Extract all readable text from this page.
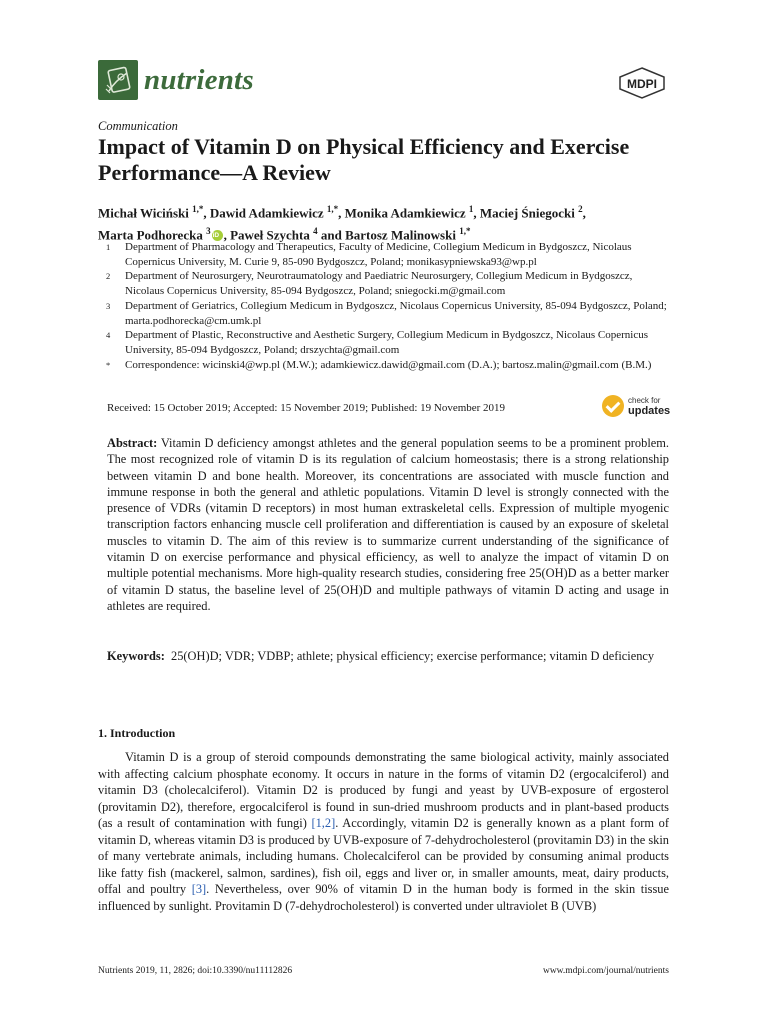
nutrients	MDPI
Communication
Impact of Vitamin D on Physical Efficiency and Exercise Performance—A Review
Michał Wiciński $^{1,*}$, Dawid Adamkiewicz $^{1,*}$, Monika Adamkiewicz $^1$, Maciej Śniegocki $^2$,
Marta Podhorecka $^3$iD , Paweł Szychta $^4$ and Bartosz Malinowski $^{1,*}$
1	Department of Pharmacology and Therapeutics, Faculty of Medicine, Collegium Medicum in Bydgoszcz, Nicolaus Copernicus University, M. Curie 9, 85-090 Bydgoszcz, Poland; monikasypniewska93@wp.pl
2	Department of Neurosurgery, Neurotraumatology and Paediatric Neurosurgery, Collegium Medicum in Bydgoszcz, Nicolaus Copernicus University, 85-094 Bydgoszcz, Poland; sniegocki.m@gmail.com
3	Department of Geriatrics, Collegium Medicum in Bydgoszcz, Nicolaus Copernicus University, 85-094 Bydgoszcz, Poland; marta.podhorecka@cm.umk.pl
4	Department of Plastic, Reconstructive and Aesthetic Surgery, Collegium Medicum in Bydgoszcz, Nicolaus Copernicus University, 85-094 Bydgoszcz, Poland; drszychta@gmail.com
*	Correspondence: wicinski4@wp.pl (M.W.); adamkiewicz.dawid@gmail.com (D.A.); bartosz.malin@gmail.com (B.M.)
Received: 15 October 2019; Accepted: 15 November 2019; Published: 19 November 2019
check for
updates
Abstract: Vitamin D deficiency amongst athletes and the general population seems to be a prominent problem. The most recognized role of vitamin D is its regulation of calcium homeostasis; there is a strong relationship between vitamin D and bone health. Moreover, its concentrations are associated with muscle function and immune response in both the general and athletic populations. Vitamin D level is strongly connected with the presence of VDRs (vitamin D receptors) in most human extraskeletal cells. Expression of multiple myogenic transcription factors enhancing muscle cell proliferation and differentiation is caused by an exposure of skeletal muscles to vitamin D. The aim of this review is to summarize current understanding of the significance of vitamin D on exercise performance and physical efficiency, as well to analyze the impact of vitamin D on multiple potential mechanisms. More high-quality research studies, considering free 25(OH)D as a better marker of vitamin D status, the baseline level of 25(OH)D and multiple pathways of vitamin D acting and usage in athletes are required.
Keywords: 25(OH)D; VDR; VDBP; athlete; physical efficiency; exercise performance; vitamin D deficiency
1. Introduction
Vitamin D is a group of steroid compounds demonstrating the same biological activity, mainly associated with affecting calcium phosphate economy. It occurs in nature in the forms of vitamin D2 (ergocalciferol) and vitamin D3 (cholecalciferol). Vitamin D2 is produced by fungi and yeast by UVB-exposure of ergosterol (provitamin D2), therefore, ergocalciferol is found in sun-dried mushroom products and in plant-based products (as a result of contamination with fungi) [1,2]. Accordingly, vitamin D2 is generally known as a plant form of vitamin D, whereas vitamin D3 is produced by UVB-exposure of 7-dehydrocholesterol (provitamin D3) in the skin of many vertebrate animals, including humans. Cholecalciferol can be provided by consuming animal products like fatty fish (mackerel, salmon, sardines), fish oil, eggs and liver or, in smaller amounts, meat, dairy products, offal and poultry [3]. Nevertheless, over 90% of vitamin D in the human body is formed in the skin tissue influenced by sunlight. Provitamin D (7-dehydrocholesterol) is converted under ultraviolet B (UVB)
Nutrients 2019, 11, 2826; doi:10.3390/nu11112826	www.mdpi.com/journal/nutrients
